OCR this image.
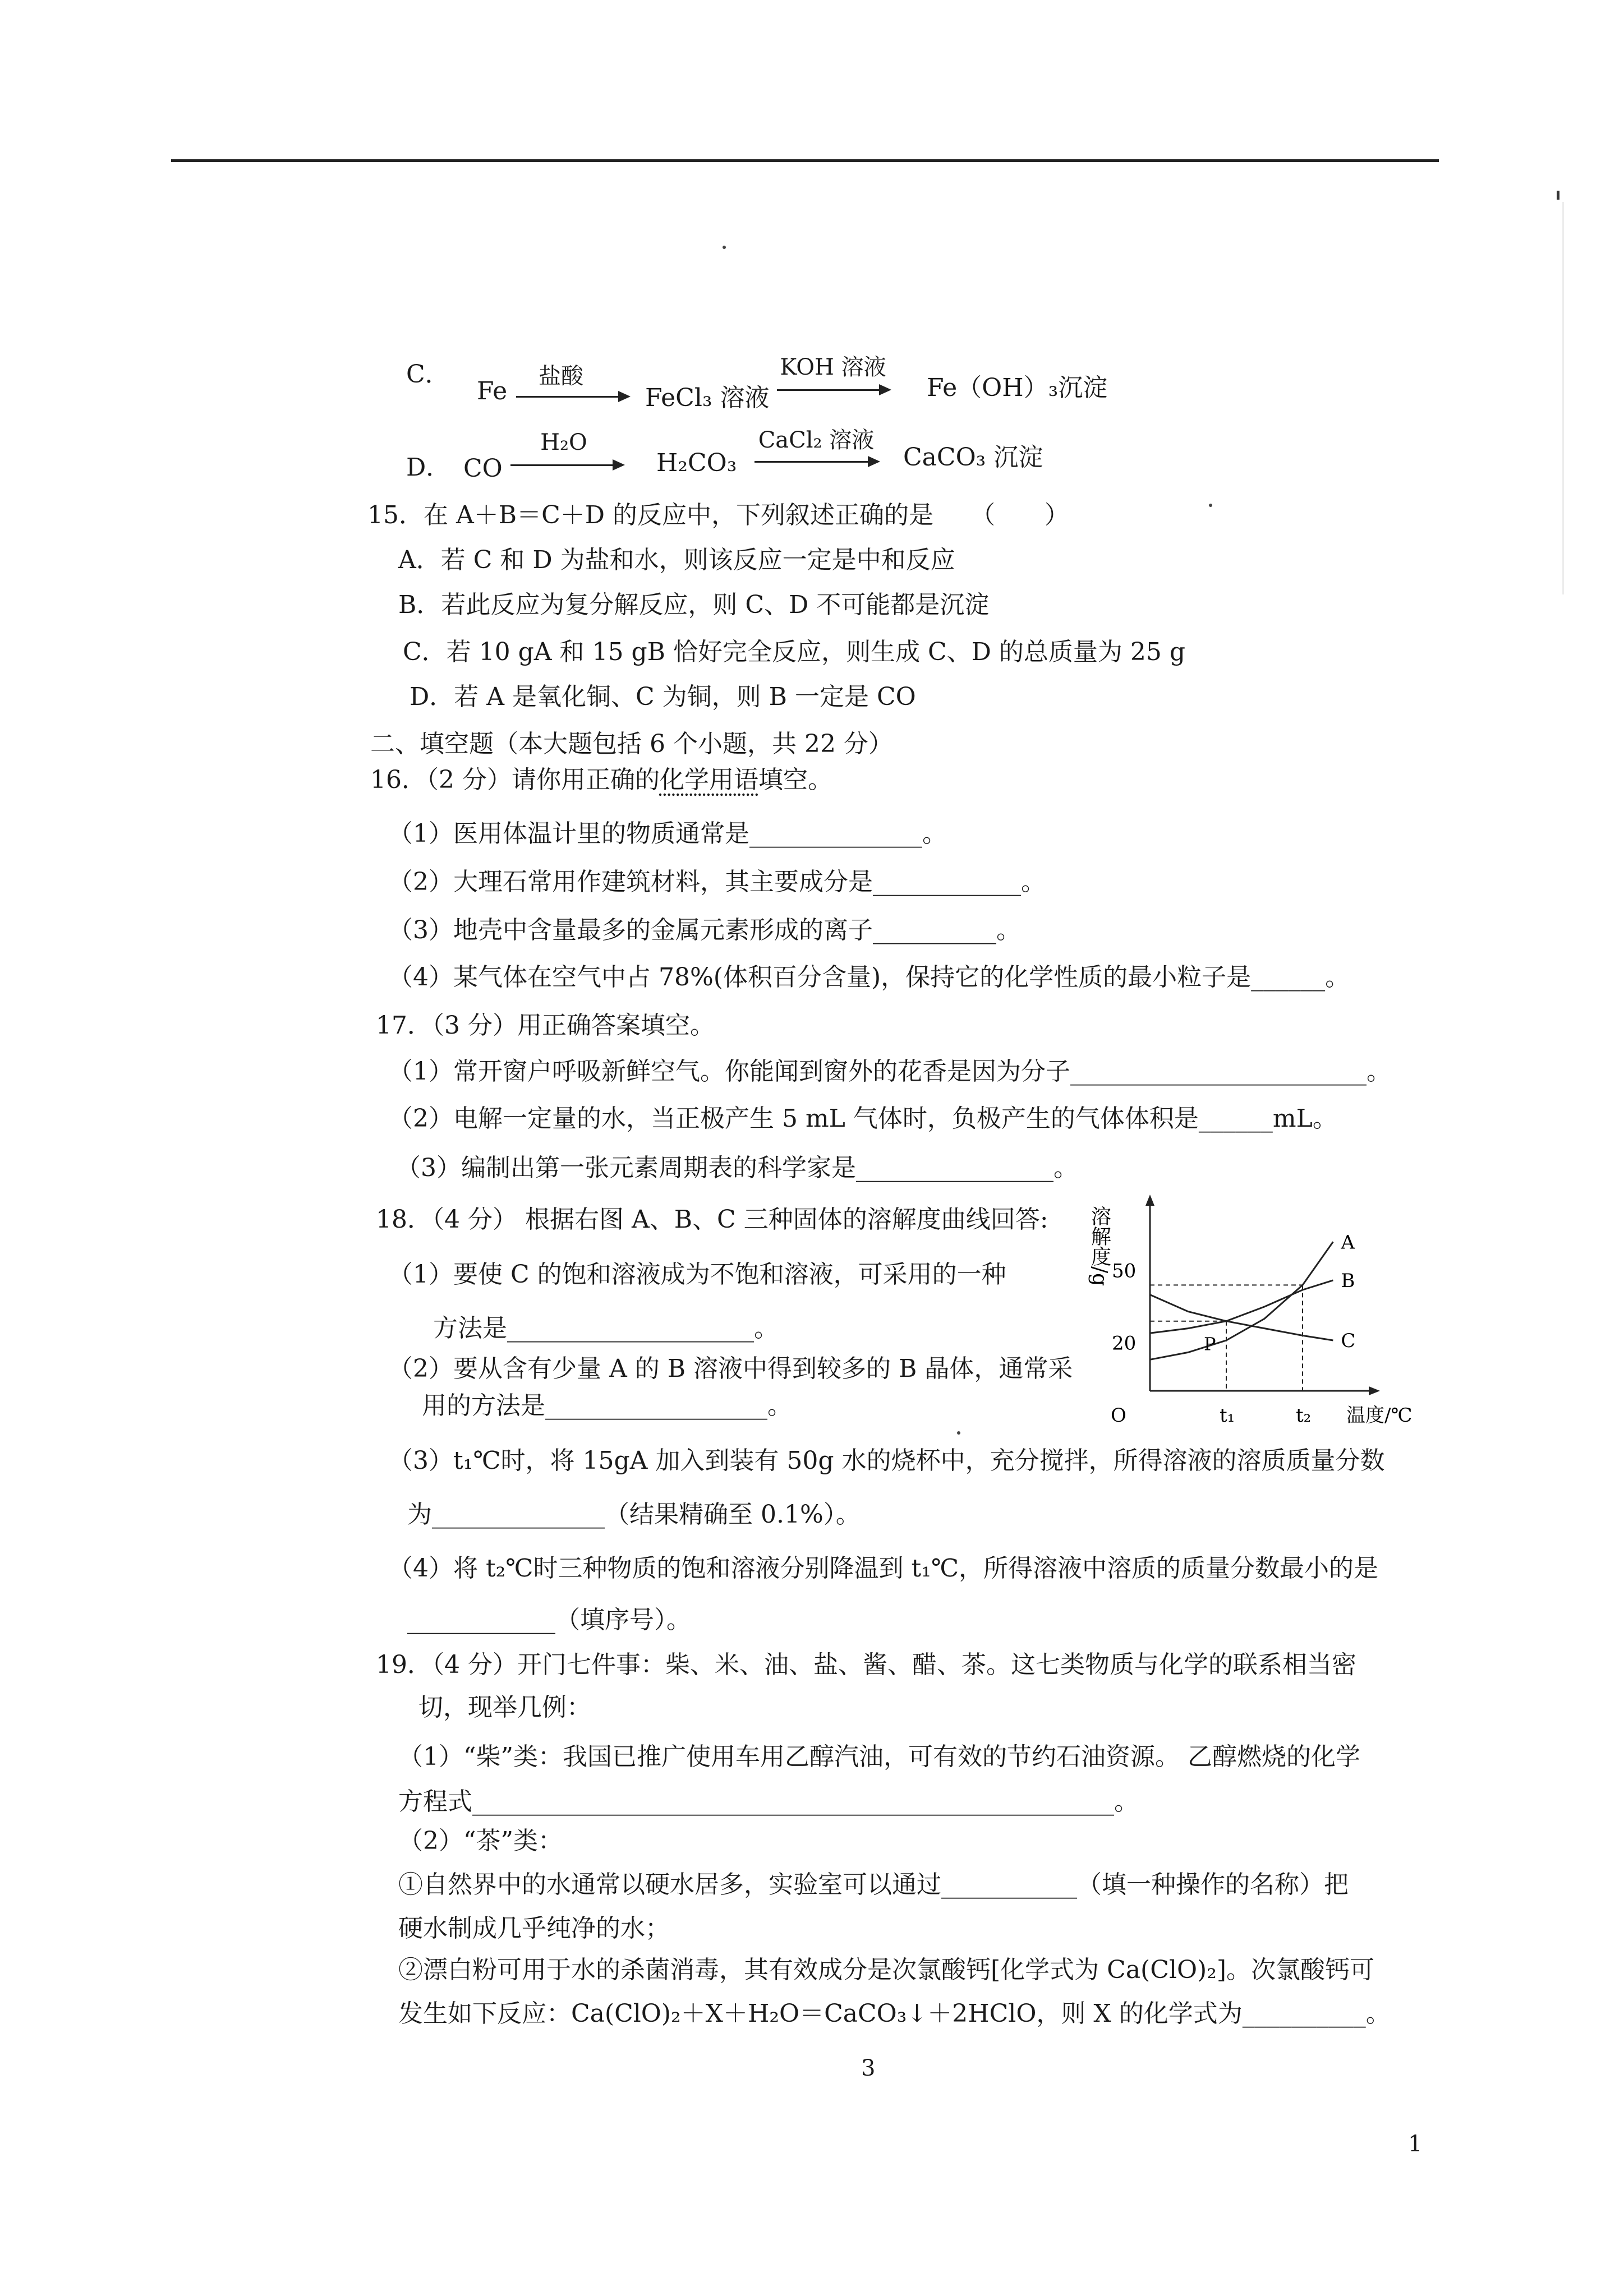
C．
Fe
盐酸
FeCl₃ 溶液
KOH 溶液
Fe（OH）₃沉淀
D． CO
H₂O
H₂CO₃
CaCl₂ 溶液
CaCO₃ 沉淀
15．在 A＋B＝C＋D 的反应中，下列叙述正确的是　　（　　）
A．若 C 和 D 为盐和水，则该反应一定是中和反应
B．若此反应为复分解反应，则 C、D 不可能都是沉淀
C．若 10 gA 和 15 gB 恰好完全反应，则生成 C、D 的总质量为 25 g
D．若 A 是氧化铜、C 为铜，则 B 一定是 CO
二、填空题（本大题包括 6 个小题，共 22 分）
16．（2 分）请你用正确的化学用语填空。
（1）医用体温计里的物质通常是______________。
（2）大理石常用作建筑材料，其主要成分是____________。
（3）地壳中含量最多的金属元素形成的离子__________。
（4）某气体在空气中占 78%(体积百分含量)，保持它的化学性质的最小粒子是______。
17．（3 分）用正确答案填空。
（1）常开窗户呼吸新鲜空气。你能闻到窗外的花香是因为分子________________________。
（2）电解一定量的水，当正极产生 5 mL 气体时，负极产生的气体体积是______mL。
（3）编制出第一张元素周期表的科学家是________________。
18．（4 分） 根据右图 A、B、C 三种固体的溶解度曲线回答:
（1）要使 C 的饱和溶液成为不饱和溶液，可采用的一种
方法是____________________。
（2）要从含有少量 A 的 B 溶液中得到较多的 B 晶体，通常采
用的方法是__________________。
（3）t₁℃时，将 15gA 加入到装有 50g 水的烧杯中，充分搅拌，所得溶液的溶质质量分数
为______________（结果精确至 0.1%）。
（4）将 t₂℃时三种物质的饱和溶液分别降温到 t₁℃，所得溶液中溶质的质量分数最小的是
____________（填序号）。
溶解度/g
O	温度/℃
20
50
t₁	t₂
A
B
C
P
19．（4 分）开门七件事：柴、米、油、盐、酱、醋、茶。这七类物质与化学的联系相当密
切，现举几例：
（1）“柴”类：我国已推广使用车用乙醇汽油，可有效的节约石油资源。 乙醇燃烧的化学
方程式____________________________________________________。
（2）“茶”类：
①自然界中的水通常以硬水居多，实验室可以通过___________（填一种操作的名称）把
硬水制成几乎纯净的水；
②漂白粉可用于水的杀菌消毒，其有效成分是次氯酸钙[化学式为 Ca(ClO)₂]。次氯酸钙可
发生如下反应：Ca(ClO)₂＋X＋H₂O＝CaCO₃↓＋2HClO，则 X 的化学式为__________。
3
1
